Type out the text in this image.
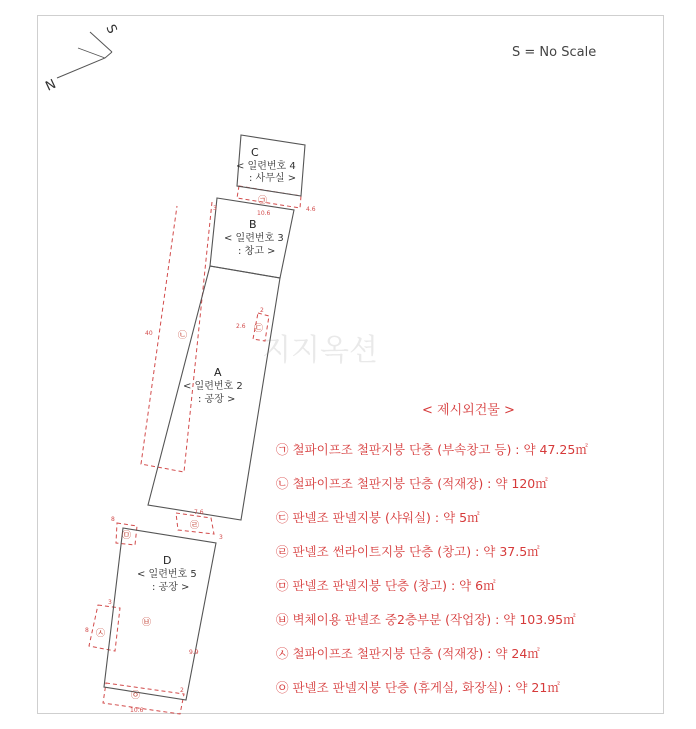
지지옥션
N
S
S = No Scale
C
< 일련번호 4
: 사무실 >
B
< 일련번호 3
: 창고 >
A
< 일련번호 2
: 공장 >
D
< 일련번호 5
: 공장 >
10.6
4.6
3
40
2
2.6
7.6
3
8
3
8
9.9
10.6
2
㉠
㉡
㉢
㉣
㉤
㉥
㉦
㉧
< 제시외건물 >
㉠ 철파이프조 철판지붕 단층 (부속창고 등) : 약 47.25㎡
㉡ 철파이프조 철판지붕 단층 (적재장) : 약 120㎡
㉢ 판넬조 판넬지붕 (샤워실) : 약 5㎡
㉣ 판넬조 썬라이트지붕 단층 (창고) : 약 37.5㎡
㉤ 판넬조 판넬지붕 단층 (창고) : 약 6㎡
㉥ 벽체이용 판넬조 중2층부분 (작업장) : 약 103.95㎡
㉦ 철파이프조 철판지붕 단층 (적재장) : 약 24㎡
㉧ 판넬조 판넬지붕 단층 (휴게실, 화장실) : 약 21㎡
